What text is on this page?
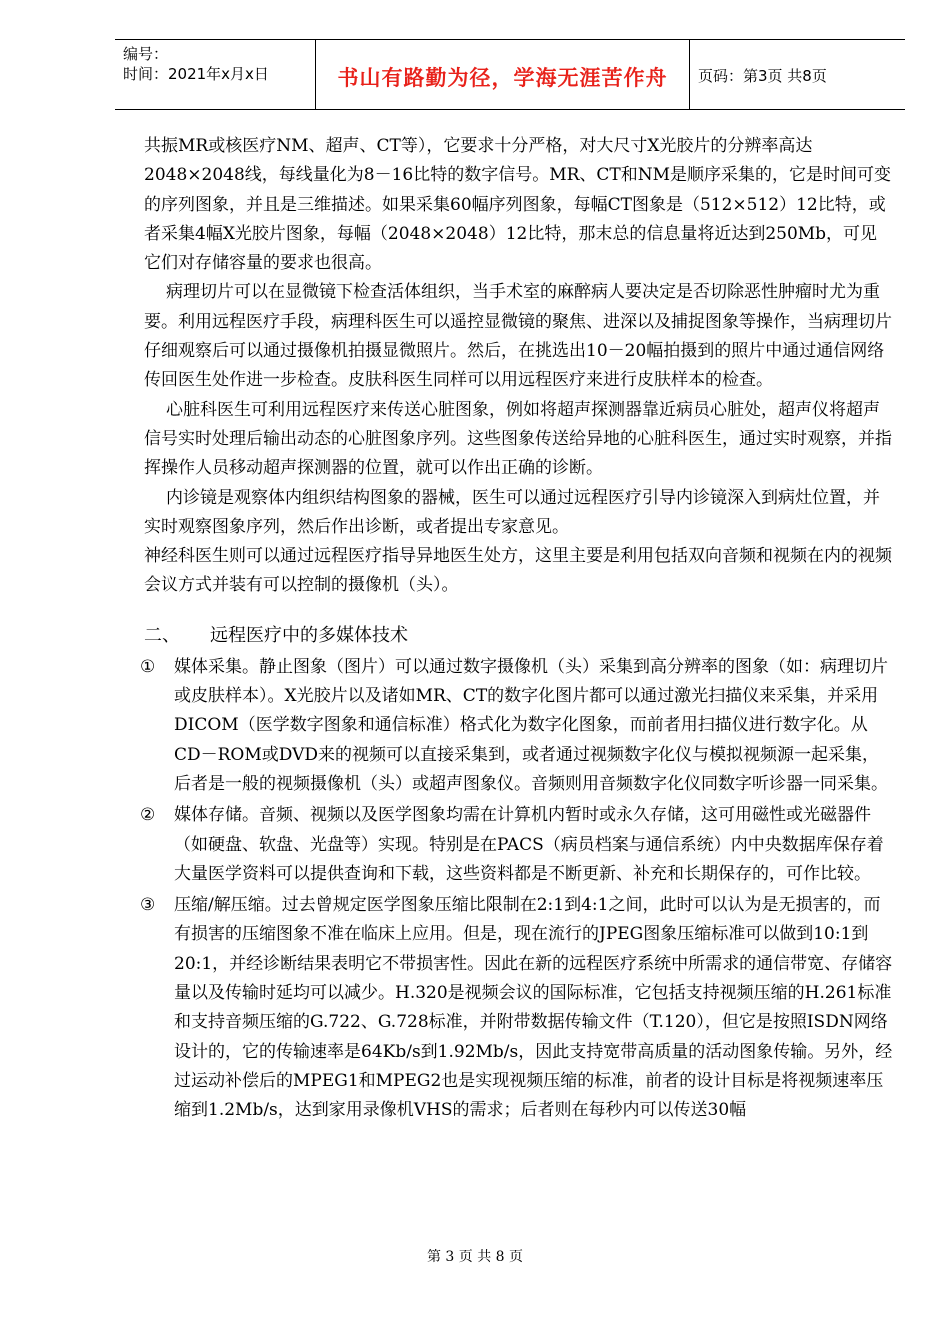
编号：
时间：2021年x月x日	书山有路勤为径，学海无涯苦作舟	页码：第3页 共8页

共振MR或核医疗NM、超声、CT等），它要求十分严格，对大尺寸X光胶片的分辨率高达2048×2048线，每线量化为8－16比特的数字信号。MR、CT和NM是顺序采集的，它是时间可变的序列图象，并且是三维描述。如果采集60幅序列图象，每幅CT图象是（512×512）12比特，或者采集4幅X光胶片图象，每幅（2048×2048）12比特，那末总的信息量将近达到250Mb，可见它们对存储容量的要求也很高。

病理切片可以在显微镜下检查活体组织，当手术室的麻醉病人要决定是否切除恶性肿瘤时尤为重要。利用远程医疗手段，病理科医生可以遥控显微镜的聚焦、进深以及捕捉图象等操作，当病理切片仔细观察后可以通过摄像机拍摄显微照片。然后，在挑选出10－20幅拍摄到的照片中通过通信网络传回医生处作进一步检查。皮肤科医生同样可以用远程医疗来进行皮肤样本的检查。

心脏科医生可利用远程医疗来传送心脏图象，例如将超声探测器靠近病员心脏处，超声仪将超声信号实时处理后输出动态的心脏图象序列。这些图象传送给异地的心脏科医生，通过实时观察，并指挥操作人员移动超声探测器的位置，就可以作出正确的诊断。

内诊镜是观察体内组织结构图象的器械，医生可以通过远程医疗引导内诊镜深入到病灶位置，并实时观察图象序列，然后作出诊断，或者提出专家意见。

神经科医生则可以通过远程医疗指导异地医生处方，这里主要是利用包括双向音频和视频在内的视频会议方式并装有可以控制的摄像机（头）。

二、 远程医疗中的多媒体技术

① 媒体采集。静止图象（图片）可以通过数字摄像机（头）采集到高分辨率的图象（如：病理切片或皮肤样本）。X光胶片以及诸如MR、CT的数字化图片都可以通过激光扫描仪来采集，并采用DICOM（医学数字图象和通信标准）格式化为数字化图象，而前者用扫描仪进行数字化。从CD－ROM或DVD来的视频可以直接采集到，或者通过视频数字化仪与模拟视频源一起采集，后者是一般的视频摄像机（头）或超声图象仪。音频则用音频数字化仪同数字听诊器一同采集。

② 媒体存储。音频、视频以及医学图象均需在计算机内暂时或永久存储，这可用磁性或光磁器件（如硬盘、软盘、光盘等）实现。特别是在PACS（病员档案与通信系统）内中央数据库保存着大量医学资料可以提供查询和下载，这些资料都是不断更新、补充和长期保存的，可作比较。

③ 压缩/解压缩。过去曾规定医学图象压缩比限制在2:1到4:1之间，此时可以认为是无损害的，而有损害的压缩图象不准在临床上应用。但是，现在流行的JPEG图象压缩标准可以做到10:1到20:1，并经诊断结果表明它不带损害性。因此在新的远程医疗系统中所需求的通信带宽、存储容量以及传输时延均可以减少。H.320是视频会议的国际标准，它包括支持视频压缩的H.261标准和支持音频压缩的G.722、G.728标准，并附带数据传输文件（T.120），但它是按照ISDN网络设计的，它的传输速率是64Kb/s到1.92Mb/s，因此支持宽带高质量的活动图象传输。另外，经过运动补偿后的MPEG1和MPEG2也是实现视频压缩的标准，前者的设计目标是将视频速率压缩到1.2Mb/s，达到家用录像机VHS的需求；后者则在每秒内可以传送30幅

第 3 页 共 8 页
